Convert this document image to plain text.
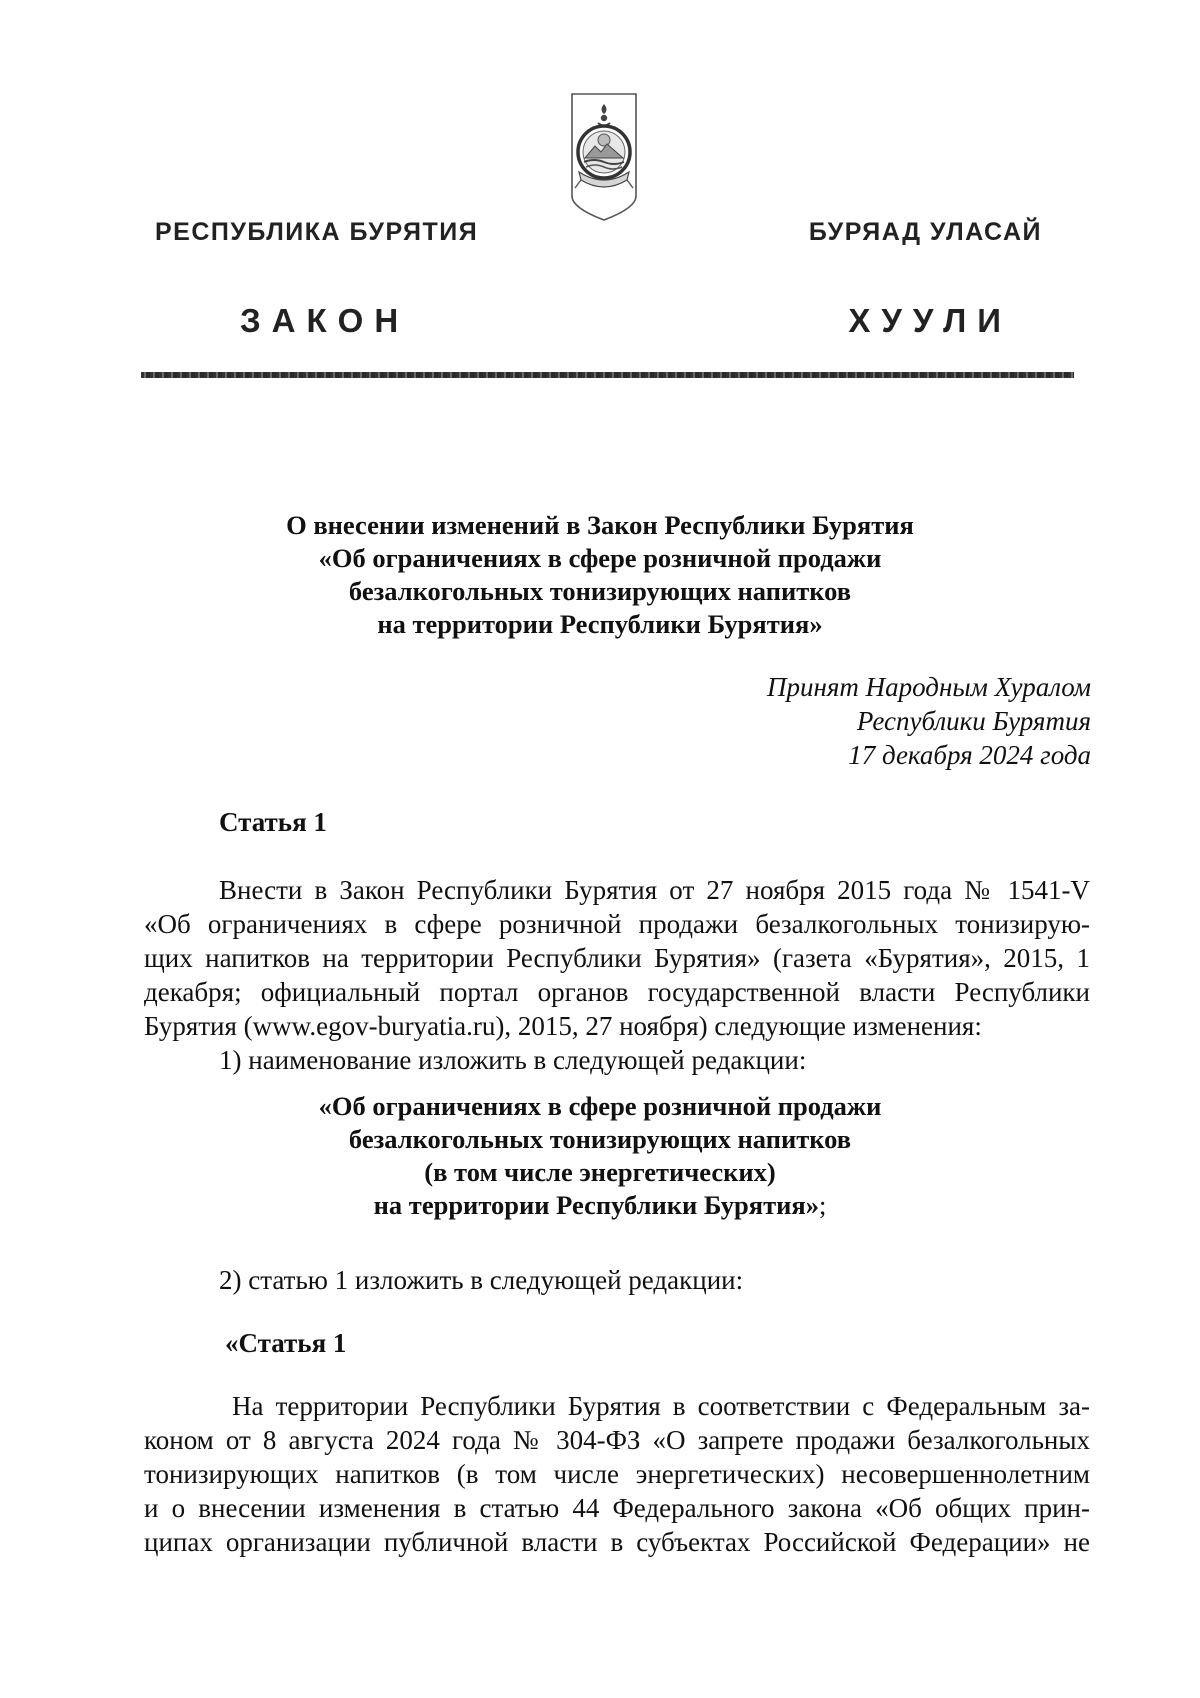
РЕСПУБЛИКА БУРЯТИЯ	БУРЯАД УЛАСАЙ
ЗАКОН	ХУУЛИ
О внесении изменений в Закон Республики Бурятия
«Об ограничениях в сфере розничной продажи
безалкогольных тонизирующих напитков
на территории Республики Бурятия»
Принят Народным Хуралом
Республики Бурятия
17 декабря 2024 года
Статья 1
Внести в Закон Республики Бурятия от 27 ноября 2015 года № 1541-V
«Об ограничениях в сфере розничной продажи безалкогольных тонизирую-
щих напитков на территории Республики Бурятия» (газета «Бурятия», 2015, 1
декабря; официальный портал органов государственной власти Республики
Бурятия (www.egov-buryatia.ru), 2015, 27 ноября) следующие изменения:
1) наименование изложить в следующей редакции:
«Об ограничениях в сфере розничной продажи
безалкогольных тонизирующих напитков
(в том числе энергетических)
на территории Республики Бурятия»;
2) статью 1 изложить в следующей редакции:
«Статья 1
На территории Республики Бурятия в соответствии с Федеральным за-
коном от 8 августа 2024 года № 304-ФЗ «О запрете продажи безалкогольных
тонизирующих напитков (в том числе энергетических) несовершеннолетним
и о внесении изменения в статью 44 Федерального закона «Об общих прин-
ципах организации публичной власти в субъектах Российской Федерации» не
